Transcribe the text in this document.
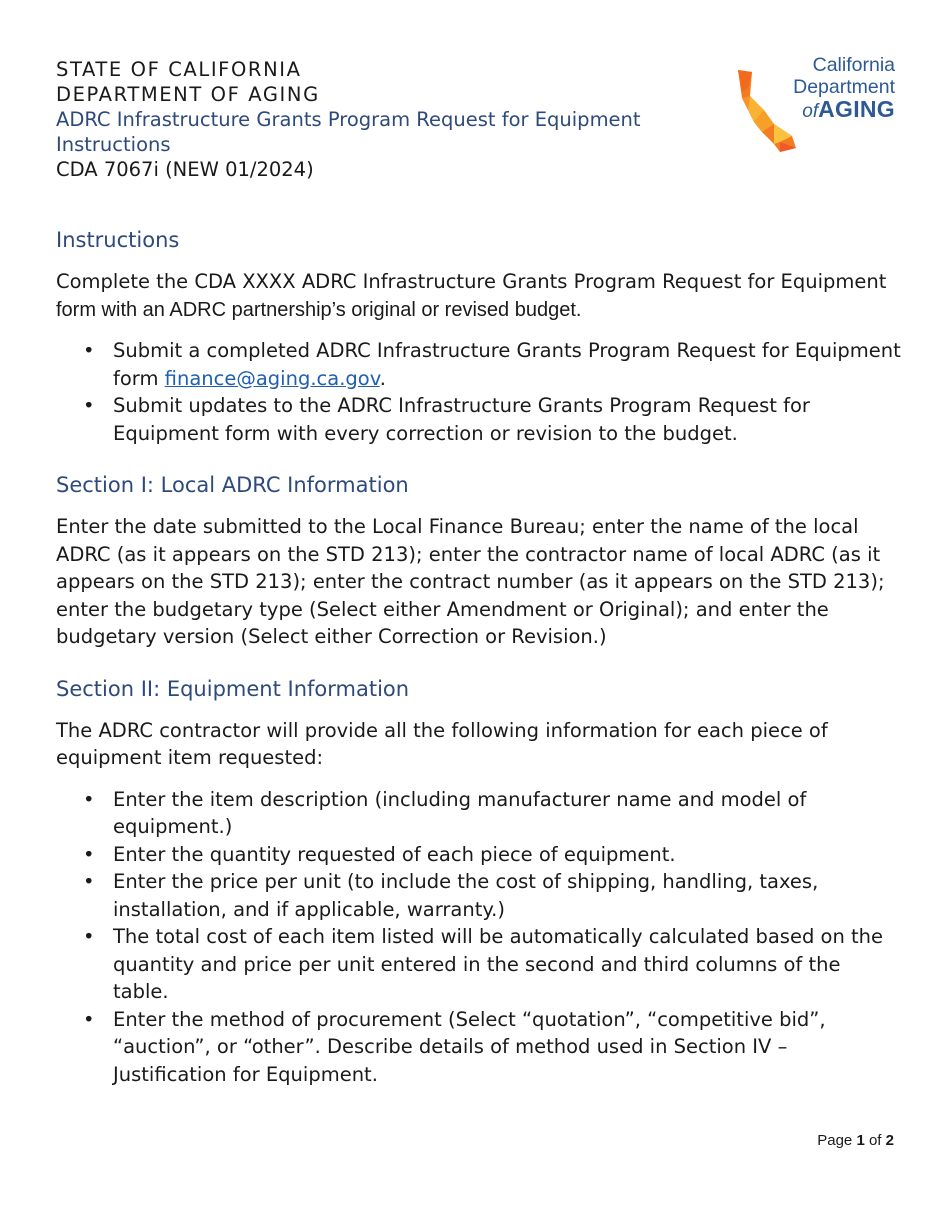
STATE OF CALIFORNIA
DEPARTMENT OF AGING
ADRC Infrastructure Grants Program Request for Equipment
Instructions
CDA 7067i (NEW 01/2024)
California
Department
ofAGING
Instructions

Complete the CDA XXXX ADRC Infrastructure Grants Program Request for Equipment
form with an ADRC partnership’s original or revised budget.

• Submit a completed ADRC Infrastructure Grants Program Request for Equipment form finance@aging.ca.gov.
• Submit updates to the ADRC Infrastructure Grants Program Request for Equipment form with every correction or revision to the budget.
Section I: Local ADRC Information

Enter the date submitted to the Local Finance Bureau; enter the name of the local ADRC (as it appears on the STD 213); enter the contractor name of local ADRC (as it appears on the STD 213); enter the contract number (as it appears on the STD 213); enter the budgetary type (Select either Amendment or Original); and enter the budgetary version (Select either Correction or Revision.)

Section II: Equipment Information

The ADRC contractor will provide all the following information for each piece of equipment item requested:

• Enter the item description (including manufacturer name and model of equipment.)
• Enter the quantity requested of each piece of equipment.
• Enter the price per unit (to include the cost of shipping, handling, taxes, installation, and if applicable, warranty.)
• The total cost of each item listed will be automatically calculated based on the quantity and price per unit entered in the second and third columns of the table.
• Enter the method of procurement (Select “quotation”, “competitive bid”, “auction”, or “other”. Describe details of method used in Section IV – Justification for Equipment.
Page 1 of 2
